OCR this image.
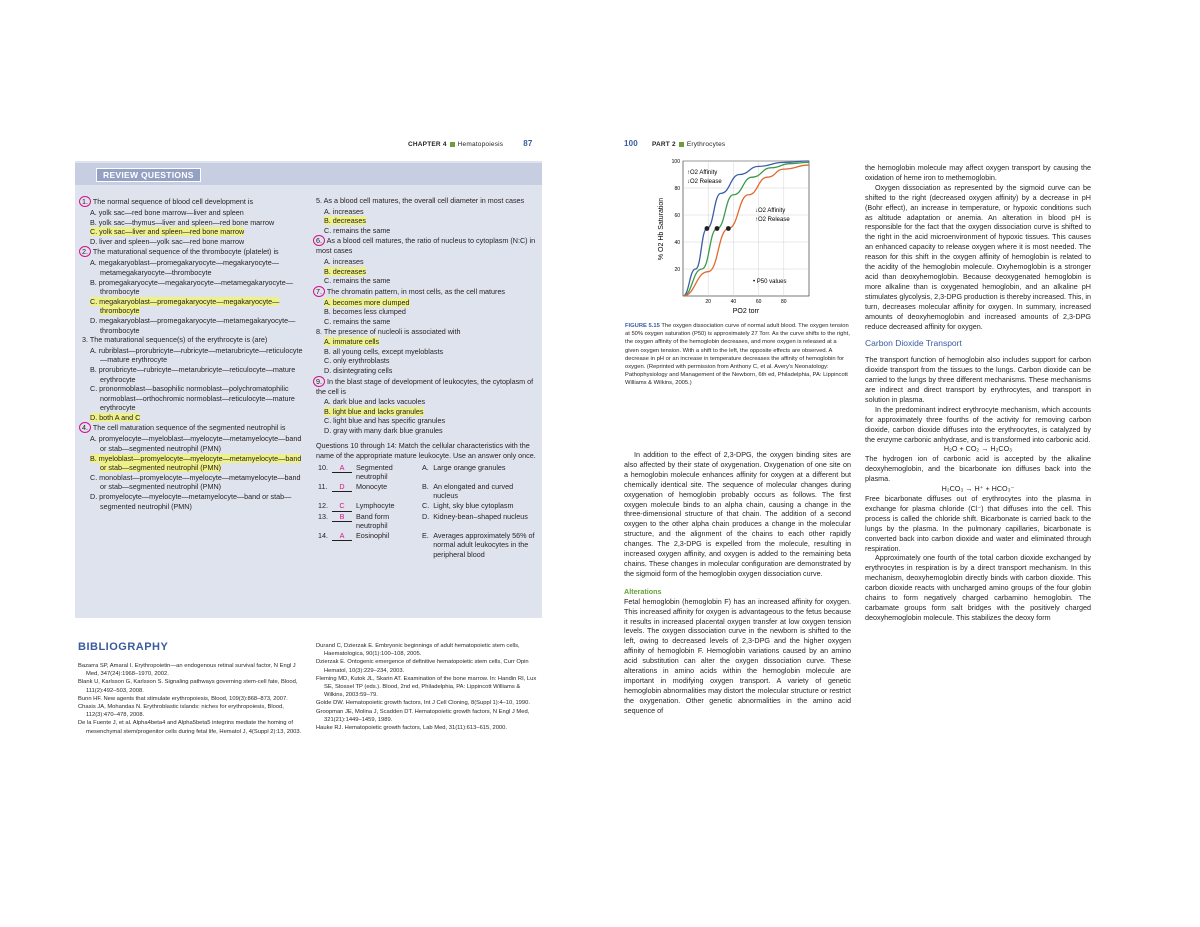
CHAPTER 4 Hematopoiesis	87
REVIEW QUESTIONS
1. The normal sequence of blood cell development is
A. yolk sac—red bone marrow—liver and spleen
B. yolk sac—thymus—liver and spleen—red bone marrow
C. yolk sac—liver and spleen—red bone marrow
D. liver and spleen—yolk sac—red bone marrow
2. The maturational sequence of the thrombocyte (platelet) is
A. megakaryoblast—promegakaryocyte—megakaryocyte—metamegakaryocyte—thrombocyte
B. promegakaryocyte—megakaryocyte—metamegakaryocyte—thrombocyte
C. megakaryoblast—promegakaryocyte—megakaryocyte—thrombocyte
D. megakaryoblast—promegakaryocyte—metamegakaryocyte—thrombocyte
3. The maturational sequence(s) of the erythrocyte is (are)
A. rubriblast—prorubricyte—rubricyte—metarubricyte—reticulocyte—mature erythrocyte
B. prorubricyte—rubricyte—metarubricyte—reticulocyte—mature erythrocyte
C. pronormoblast—basophilic normoblast—polychromatophilic normoblast—orthochromic normoblast—reticulocyte—mature erythrocyte
D. both A and C
4. The cell maturation sequence of the segmented neutrophil is
A. promyelocyte—myeloblast—myelocyte—metamyelocyte—band or stab—segmented neutrophil (PMN)
B. myeloblast—promyelocyte—myelocyte—metamyelocyte—band or stab—segmented neutrophil (PMN)
C. monoblast—promyelocyte—myelocyte—metamyelocyte—band or stab—segmented neutrophil (PMN)
D. promyelocyte—myelocyte—metamyelocyte—band or stab—segmented neutrophil (PMN)
5. As a blood cell matures, the overall cell diameter in most cases
A. increases
B. decreases
C. remains the same
6. As a blood cell matures, the ratio of nucleus to cytoplasm (N:C) in most cases
A. increases
B. decreases
C. remains the same
7. The chromatin pattern, in most cells, as the cell matures
A. becomes more clumped
B. becomes less clumped
C. remains the same
8. The presence of nucleoli is associated with
A. immature cells
B. all young cells, except myeloblasts
C. only erythroblasts
D. disintegrating cells
9. In the blast stage of development of leukocytes, the cytoplasm of the cell is
A. dark blue and lacks vacuoles
B. light blue and lacks granules
C. light blue and has specific granules
D. gray with many dark blue granules
Questions 10 through 14: Match the cellular characteristics with the name of the appropriate mature leukocyte. Use an answer only once.
10.	A	Segmented neutrophil	A.	Large orange granules
11.	D	Monocyte	B.	An elongated and curved nucleus
12.	C	Lymphocyte	C.	Light, sky blue cytoplasm
13.	B	Band form neutrophil	D.	Kidney-bean–shaped nucleus
14.	A	Eosinophil	E.	Averages approximately 56% of normal adult leukocytes in the peripheral blood
BIBLIOGRAPHY

Bazarra SP, Amaral I. Erythropoietin—an endogenous retinal survival factor, N Engl J Med, 347(24):1968–1970, 2002.

Blank U, Karlsson G, Karlsson S. Signaling pathways governing stem-cell fate, Blood, 111(2):492–503, 2008.

Bunn HF. New agents that stimulate erythropoiesis, Blood, 109(3):868–873, 2007.

Chasis JA, Mohandas N. Erythroblastic islands: niches for erythropoiesis, Blood, 112(3):470–478, 2008.

De la Fuente J, et al. Alpha4beta4 and Alpha5beta5 integrins mediate the homing of mesenchymal stem/progenitor cells during fetal life, Hematol J, 4(Suppl 2):13, 2003.

Durand C, Dzierzak E. Embryonic beginnings of adult hematopoietic stem cells, Haematologica, 90(1):100–108, 2005.

Dzierzak E. Ontogenic emergence of definitive hematopoietic stem cells, Curr Opin Hematol, 10(3):229–234, 2003.

Fleming MD, Kutok JL, Skarin AT. Examination of the bone marrow. In: Handin RI, Lux SE, Stossel TP (eds.). Blood, 2nd ed, Philadelphia, PA: Lippincott Williams & Wilkins, 2003:59–79.

Golde DW. Hematopoietic growth factors, Int J Cell Cloning, 8(Suppl 1):4–10, 1990.

Groopman JE, Molina J, Scadden DT. Hematopoietic growth factors, N Engl J Med, 321(21):1449–1459, 1989.

Hauke RJ. Hematopoietic growth factors, Lab Med, 31(11):613–615, 2000.

100 PART 2 Erythrocytes
100
80
60
40
20
20	40	60	80
% O2 Hb Saturation
PO2 torr
↑O2 Affinity
↓O2 Release
↓O2 Affinity
↑O2 Release
• P50 values
FIGURE 5.15 The oxygen dissociation curve of normal adult blood. The oxygen tension at 50% oxygen saturation (P50) is approximately 27 Torr. As the curve shifts to the right, the oxygen affinity of the hemoglobin decreases, and more oxygen is released at a given oxygen tension. With a shift to the left, the opposite effects are observed. A decrease in pH or an increase in temperature decreases the affinity of hemoglobin for oxygen. (Reprinted with permission from Anthony C, et al. Avery's Neonatology: Pathophysiology and Management of the Newborn, 6th ed, Philadelphia, PA: Lippincott Williams & Wilkins, 2005.)

In addition to the effect of 2,3-DPG, the oxygen binding sites are also affected by their state of oxygenation. Oxygenation of one site on a hemoglobin molecule enhances affinity for oxygen at a different but chemically identical site. The sequence of molecular changes during oxygenation of hemoglobin probably occurs as follows. The first oxygen molecule binds to an alpha chain, causing a change in the three-dimensional structure of that chain. The addition of a second oxygen to the other alpha chain produces a change in the molecular structure, and the alignment of the chains to each other rapidly changes. The 2,3-DPG is expelled from the molecule, resulting in increased oxygen affinity, and oxygen is added to the remaining beta chains. These changes in molecular configuration are demonstrated by the sigmoid form of the hemoglobin oxygen dissociation curve.

Alterations

Fetal hemoglobin (hemoglobin F) has an increased affinity for oxygen. This increased affinity for oxygen is advantageous to the fetus because it results in increased placental oxygen transfer at low oxygen tension levels. The oxygen dissociation curve in the newborn is shifted to the left, owing to decreased levels of 2,3-DPG and the higher oxygen affinity of hemoglobin F. Hemoglobin variations caused by an amino acid substitution can alter the oxygen dissociation curve. These alterations in amino acids within the hemoglobin molecule are important in modifying oxygen transport. A variety of genetic hemoglobin abnormalities may distort the molecular structure or restrict the oxygenation. Other genetic abnormalities in the amino acid sequence of

the hemoglobin molecule may affect oxygen transport by causing the oxidation of heme iron to methemoglobin.

Oxygen dissociation as represented by the sigmoid curve can be shifted to the right (decreased oxygen affinity) by a decrease in pH (Bohr effect), an increase in temperature, or hypoxic conditions such as altitude adaptation or anemia. An alteration in blood pH is responsible for the fact that the oxygen dissociation curve is shifted to the right in the acid microenvironment of hypoxic tissues. This causes an enhanced capacity to release oxygen where it is most needed. The reason for this shift in the oxygen affinity of hemoglobin is related to the acidity of the hemoglobin molecule. Oxyhemoglobin is a stronger acid than deoxyhemoglobin. Because deoxygenated hemoglobin is more alkaline than is oxygenated hemoglobin, and an alkaline pH stimulates glycolysis, 2,3-DPG production is thereby increased. This, in turn, decreases molecular affinity for oxygen. In summary, increased amounts of deoxyhemoglobin and increased amounts of 2,3-DPG reduce decreased affinity for oxygen.

Carbon Dioxide Transport

The transport function of hemoglobin also includes support for carbon dioxide transport from the tissues to the lungs. Carbon dioxide can be carried to the lungs by three different mechanisms. These mechanisms are indirect and direct transport by erythrocytes, and transport in solution in plasma.

In the predominant indirect erythrocyte mechanism, which accounts for approximately three fourths of the activity for removing carbon dioxide, carbon dioxide diffuses into the erythrocytes, is catalyzed by the enzyme carbonic anhydrase, and is transformed into carbonic acid.

H₂O + CO₂ → H₂CO₃

The hydrogen ion of carbonic acid is accepted by the alkaline deoxyhemoglobin, and the bicarbonate ion diffuses back into the plasma.

H₂CO₃ → H⁺ + HCO₃⁻

Free bicarbonate diffuses out of erythrocytes into the plasma in exchange for plasma chloride (Cl⁻) that diffuses into the cell. This process is called the chloride shift. Bicarbonate is carried back to the lungs by the plasma. In the pulmonary capillaries, bicarbonate is converted back into carbon dioxide and water and eliminated through respiration.

Approximately one fourth of the total carbon dioxide exchanged by erythrocytes in respiration is by a direct transport mechanism. In this mechanism, deoxyhemoglobin directly binds with carbon dioxide. This carbon dioxide reacts with uncharged amino groups of the four globin chains to form negatively charged carbamino hemoglobin. The carbamate groups form salt bridges with the positively charged deoxyhemoglobin molecule. This stabilizes the deoxy form
